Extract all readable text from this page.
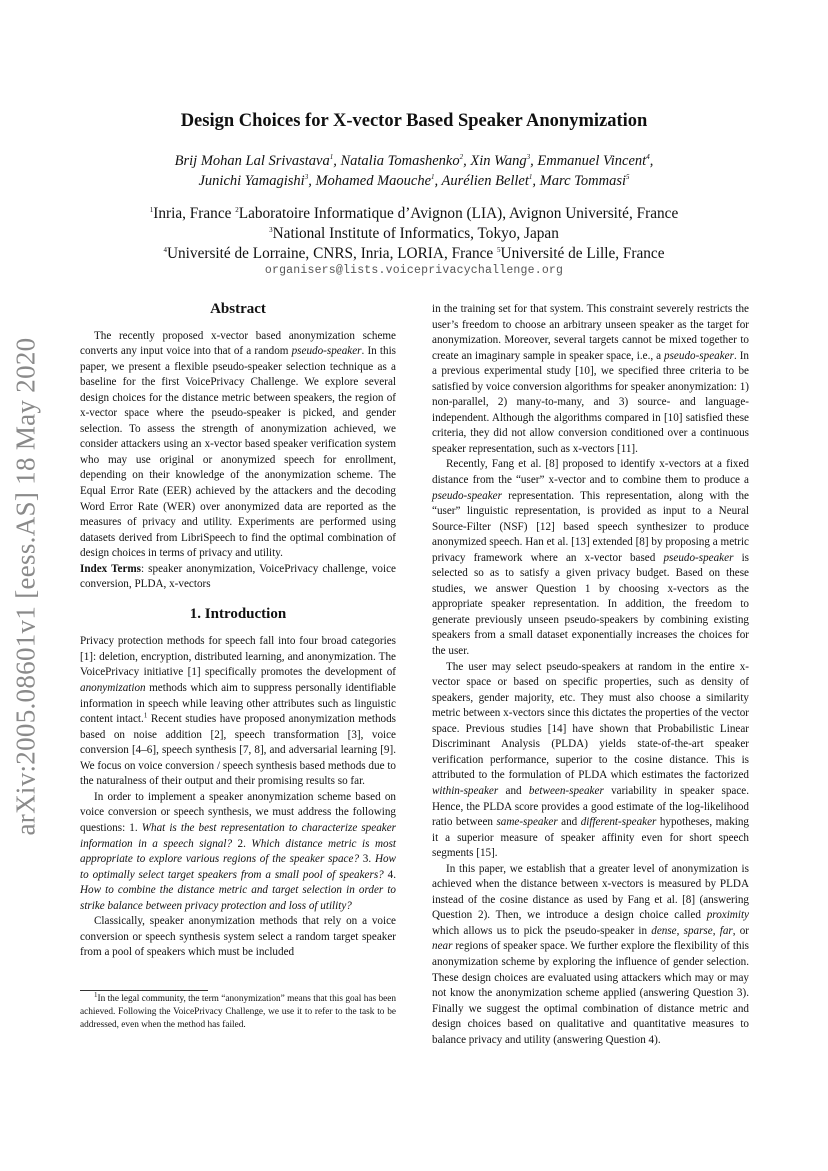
arXiv:2005.08601v1 [eess.AS] 18 May 2020
Design Choices for X-vector Based Speaker Anonymization
Brij Mohan Lal Srivastava$^1$, Natalia Tomashenko$^2$, Xin Wang$^3$, Emmanuel Vincent$^4$,
Junichi Yamagishi$^3$, Mohamed Maouche$^1$, Aurélien Bellet$^1$, Marc Tommasi$^5$
$^1$Inria, France $^2$Laboratoire Informatique d’Avignon (LIA), Avignon Université, France
$^3$National Institute of Informatics, Tokyo, Japan
$^4$Université de Lorraine, CNRS, Inria, LORIA, France $^5$Université de Lille, France
organisers@lists.voiceprivacychallenge.org
Abstract

The recently proposed x-vector based anonymization scheme converts any input voice into that of a random pseudo-speaker. In this paper, we present a flexible pseudo-speaker selection technique as a baseline for the first VoicePrivacy Challenge. We explore several design choices for the distance metric between speakers, the region of x-vector space where the pseudo-speaker is picked, and gender selection. To assess the strength of anonymization achieved, we consider attackers using an x-vector based speaker verification system who may use original or anonymized speech for enrollment, depending on their knowledge of the anonymization scheme. The Equal Error Rate (EER) achieved by the attackers and the decoding Word Error Rate (WER) over anonymized data are reported as the measures of privacy and utility. Experiments are performed using datasets derived from LibriSpeech to find the optimal combination of design choices in terms of privacy and utility.

Index Terms: speaker anonymization, VoicePrivacy challenge, voice conversion, PLDA, x-vectors

1. Introduction

Privacy protection methods for speech fall into four broad categories [1]: deletion, encryption, distributed learning, and anonymization. The VoicePrivacy initiative [1] specifically promotes the development of anonymization methods which aim to suppress personally identifiable information in speech while leaving other attributes such as linguistic content intact.$^1$ Recent studies have proposed anonymization methods based on noise addition [2], speech transformation [3], voice conversion [4–6], speech synthesis [7, 8], and adversarial learning [9]. We focus on voice conversion / speech synthesis based methods due to the naturalness of their output and their promising results so far.

In order to implement a speaker anonymization scheme based on voice conversion or speech synthesis, we must address the following questions: 1. What is the best representation to characterize speaker information in a speech signal? 2. Which distance metric is most appropriate to explore various regions of the speaker space? 3. How to optimally select target speakers from a small pool of speakers? 4. How to combine the distance metric and target selection in order to strike balance between privacy protection and loss of utility?

Classically, speaker anonymization methods that rely on a voice conversion or speech synthesis system select a random target speaker from a pool of speakers which must be included

$^1$In the legal community, the term “anonymization” means that this goal has been achieved. Following the VoicePrivacy Challenge, we use it to refer to the task to be addressed, even when the method has failed.

in the training set for that system. This constraint severely restricts the user’s freedom to choose an arbitrary unseen speaker as the target for anonymization. Moreover, several targets cannot be mixed together to create an imaginary sample in speaker space, i.e., a pseudo-speaker. In a previous experimental study [10], we specified three criteria to be satisfied by voice conversion algorithms for speaker anonymization: 1) non-parallel, 2) many-to-many, and 3) source- and language-independent. Although the algorithms compared in [10] satisfied these criteria, they did not allow conversion conditioned over a continuous speaker representation, such as x-vectors [11].

Recently, Fang et al. [8] proposed to identify x-vectors at a fixed distance from the “user” x-vector and to combine them to produce a pseudo-speaker representation. This representation, along with the “user” linguistic representation, is provided as input to a Neural Source-Filter (NSF) [12] based speech synthesizer to produce anonymized speech. Han et al. [13] extended [8] by proposing a metric privacy framework where an x-vector based pseudo-speaker is selected so as to satisfy a given privacy budget. Based on these studies, we answer Question 1 by choosing x-vectors as the appropriate speaker representation. In addition, the freedom to generate previously unseen pseudo-speakers by combining existing speakers from a small dataset exponentially increases the choices for the user.

The user may select pseudo-speakers at random in the entire x-vector space or based on specific properties, such as density of speakers, gender majority, etc. They must also choose a similarity metric between x-vectors since this dictates the properties of the vector space. Previous studies [14] have shown that Probabilistic Linear Discriminant Analysis (PLDA) yields state-of-the-art speaker verification performance, superior to the cosine distance. This is attributed to the formulation of PLDA which estimates the factorized within-speaker and between-speaker variability in speaker space. Hence, the PLDA score provides a good estimate of the log-likelihood ratio between same-speaker and different-speaker hypotheses, making it a superior measure of speaker affinity even for short speech segments [15].

In this paper, we establish that a greater level of anonymization is achieved when the distance between x-vectors is measured by PLDA instead of the cosine distance as used by Fang et al. [8] (answering Question 2). Then, we introduce a design choice called proximity which allows us to pick the pseudo-speaker in dense, sparse, far, or near regions of speaker space. We further explore the flexibility of this anonymization scheme by exploring the influence of gender selection. These design choices are evaluated using attackers which may or may not know the anonymization scheme applied (answering Question 3). Finally we suggest the optimal combination of distance metric and design choices based on qualitative and quantitative measures to balance privacy and utility (answering Question 4).
